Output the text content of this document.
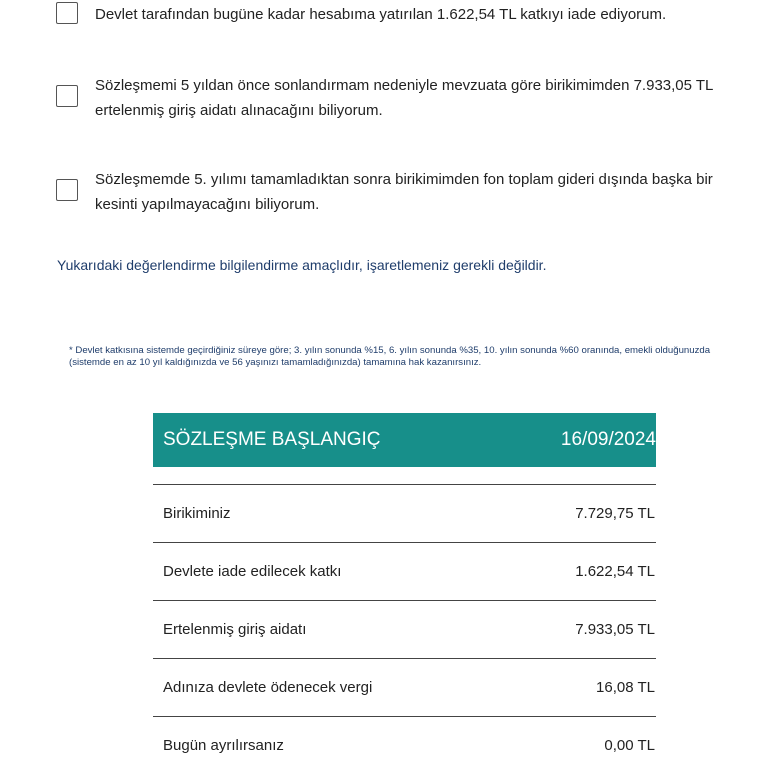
Devlet tarafından bugüne kadar hesabıma yatırılan 1.622,54 TL katkıyı iade ediyorum.
Sözleşmemi 5 yıldan önce sonlandırmam nedeniyle mevzuata göre birikimimden 7.933,05 TL ertelenmiş giriş aidatı alınacağını biliyorum.
Sözleşmemde 5. yılımı tamamladıktan sonra birikimimden fon toplam gideri dışında başka bir kesinti yapılmayacağını biliyorum.
Yukarıdaki değerlendirme bilgilendirme amaçlıdır, işaretlemeniz gerekli değildir.
* Devlet katkısına sistemde geçirdiğiniz süreye göre; 3. yılın sonunda %15, 6. yılın sonunda %35, 10. yılın sonunda %60 oranında, emekli olduğunuzda (sistemde en az 10 yıl kaldığınızda ve 56 yaşınızı tamamladığınızda) tamamına hak kazanırsınız.
SÖZLEŞME BAŞLANGIÇ	16/09/2024
Birikiminiz	7.729,75 TL
Devlete iade edilecek katkı	1.622,54 TL
Ertelenmiş giriş aidatı	7.933,05 TL
Adınıza devlete ödenecek vergi	16,08 TL
Bugün ayrılırsanız	0,00 TL
